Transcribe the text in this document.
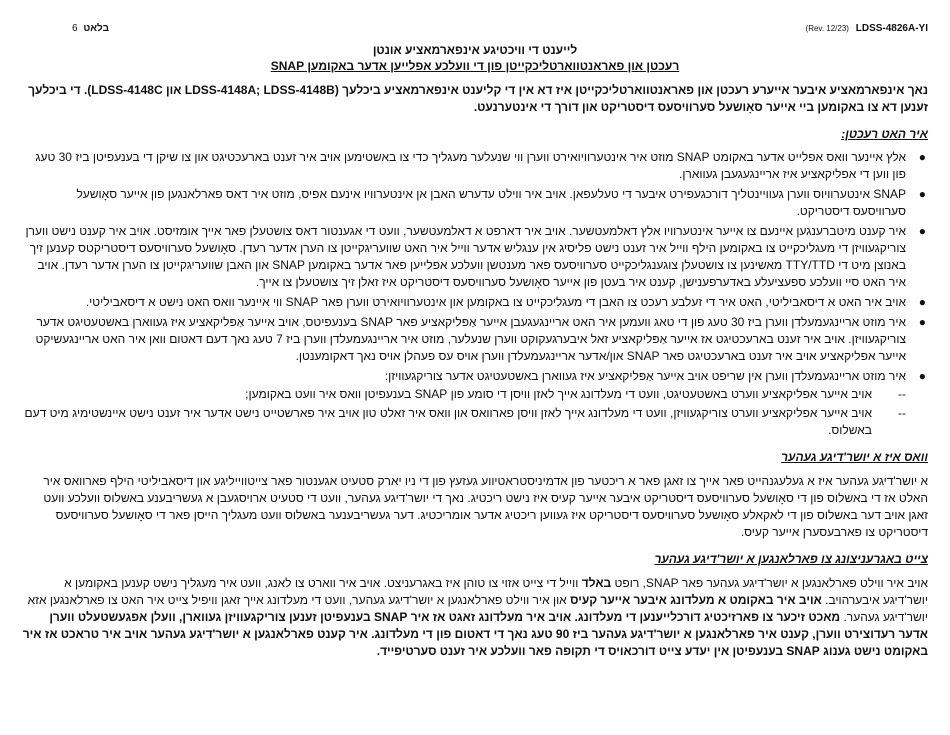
(Rev. 12/23) LDSS-4826A-YI
בלאט 6
לייענט די וויכטיגע אינפארמאציע אונטן
רעכטן און פאראנטווארטליכקייטן פון די וועלכע אפלייען אדער באקומען SNAP
נאך אינפארמאציע איבער אייערע רעכטן און פאראנטווארטליכקייטן איז דא אין די קליענט אינפארמאציע ביכלעך (LDSS-4148A; LDSS-4148B און LDSS-4148C). די ביכלעך זענען דא צו באקומען ביי אייער סאָושעל סערוויסעס דיסטריקט און דורך די אינטערנעט.
איר האט רעכטן:
●
אלץ איינער וואס אפלייט אדער באקומט SNAP מוזט איר אינטערוויואירט ווערן ווי שנעלער מעגליך כדי צו באשטימען אויב איר זענט בארעכטיגט און צו שיקן די בענעפיטן ביז 30 טעג פון ווען די אפליקאציע איז אריינגעגעבן געווארן.
●
SNAP אינטערוויוס ווערן געוויינטליך דורכגעפירט איבער די טעלעפאן. אויב איר ווילט עדערש האבן אן אינטערוויו אינעם אפיס, מוזט איר דאס פארלאנגען פון אייער סאָושעל סערוויסעס דיסטריקט.
●
איר קענט מיטברענגען איינעם צו אייער אינטערוויו אלץ דאלמעטשער. אויב איר דארפט א דאלמעטשער, וועט די אגענטור דאס צושטעלן פאר אייך אומזיסט. אויב איר קענט נישט ווערן צוריקגעוויזן די מעגליכקייט צו באקומען הילף ווייל איר זענט נישט פליסיג אין ענגליש אדער ווייל איר האט שוועריגקייטן צו הערן אדער רעדן. סאָושעל סערוויסעס דיסטריקטס קענען זיך באנוצן מיט די TTY/TTD מאשינען צו צושטעלן צוגענגליכקייט סערוויסעס פאר מענטשן וועלכע אפלייען פאר אדער באקומען SNAP און האבן שוועריגקייטן צו הערן אדער רעדן. אויב איר האט סיי וועלכע ספעציעלע באדערפענישן, קענט איר בעטן פון אייער סאָושעל סערוויסעס דיסטריקט איז זאלן זיך צושטעלן צו אייך.
●
אויב איר האט א דיסאביליטי, האט איר די זעלבע רעכט צו האבן די מעגליכקייט צו באקומען און אינטערוויואירט ווערן פאר SNAP ווי איינער וואס האט נישט א דיסאביליטי.
●
איר מוזט אריינגעמעלדן ווערן ביז 30 טעג פון די טאג וועמען איר האט אריינגעגעבן אייער אַפּליקאציע פאר SNAP בענעפיטס, אויב אייער אַפּליקאציע איז געווארן באשטעטיגט אדער צוריקגעוויזן. אויב איר זענט בארעכטיגט אז אייער אַפּליקאציע זאל איבערגעקוקט ווערן שנעלער, מוזט איר אריינגעמעלדן ווערן ביז 7 טעג נאך דעם דאטום וואן איר האט אריינגעשיקט אייער אפליקאציע אויב איר זענט בארעכטיגט פאר SNAP און/אדער אריינגעמעלדן ווערן אויס עס פעהלן אויס נאך דאקומענטן.
●
איר מוזט אריינגעמעלדן ווערן אין שריפט אויב אייער אַפּליקאציע איז געווארן באשטעטיגט אדער צוריקגעוויזן:
--
אויב אייער אפליקאציע ווערט באשטעטיגט, וועט די מעלדונג אייך לאזן וויסן די סומע פון SNAP בענעפיטן וואס איר וועט באקומען;
--
אויב אייער אפליקאציע ווערט צוריקגעוויזן, וועט די מעלדונג אייך לאזן וויסן פארוואס און וואס איר זאלט טון אויב איר פארשטייט נישט אדער איר זענט נישט איינשטימיג מיט דעם באשלוס.
וואס איז א יושר'דיגע געהער

א יושר'דיגע געהער איז א געלעגנהייט פאר אייך צו זאגן פאר א ריכטער פון אדמיניסטראטיווע געזעץ פון די ניו יארק סטעיט אגענטור פאר צייטווייליגע און דיסאביליטי הילף פארוואס איר האלט אז די באשלוס פון די סאָושעל סערוויסעס דיסטריקט איבער אייער קעיס איז נישט ריכטיג. נאך די יושר'דיגע געהער, וועט די סטעיט ארויסגעבן א געשריבענע באשלוס וועלכע וועט זאגן אויב דער באשלוס פון די לאקאלע סאָושעל סערוויסעס דיסטריקט איז געווען ריכטיג אדער אומריכטיג. דער געשריבענער באשלוס וועט מעגליך הייסן פאר די סאָושעל סערוויסעס דיסטריקט צו פארבעסערן אייער קעיס.

צייט באגרעניצונג צו פארלאנגען א יושר'דיגע געהער

אויב איר ווילט פארלאנגען א יושר'דיגע געהער פאר SNAP, רופט באלד ווייל די צייט אזוי צו טוהן איז באגרעניצט. אויב איר ווארט צו לאנג, וועט איר מעגליך נישט קענען באקומען א יושר'דיגע איבערהויב. אויב איר באקומט א מעלדונג איבער אייער קעיס און איר ווילט פארלאנגען א יושר'דיגע געהער, וועט די מעלדונג אייך זאגן וויפיל צייט איר האט צו פארלאנגען אזא יושר'דיגע געהער. מאכט זיכער צו פארזיכטיג דורכלייענען די מעלדונג. אויב איר מעלדונג זאגט אז איר SNAP בענעפיטן זענען צוריקגעוויזן געווארן, וועלן אפגעשטעלט ווערן אדער רעדוצירט ווערן, קענט איר פארלאנגען א יושר'דיגע געהער ביז 90 טעג נאך די דאטום פון די מעלדונג. איר קענט פארלאנגען א יושר'דיגע געהער אויב איר טראכט אז איר באקומט נישט גענוג SNAP בענעפיטן אין יעדע צייט דורכאויס די תקופה פאר וועלכע איר זענט סערטיפייד.
